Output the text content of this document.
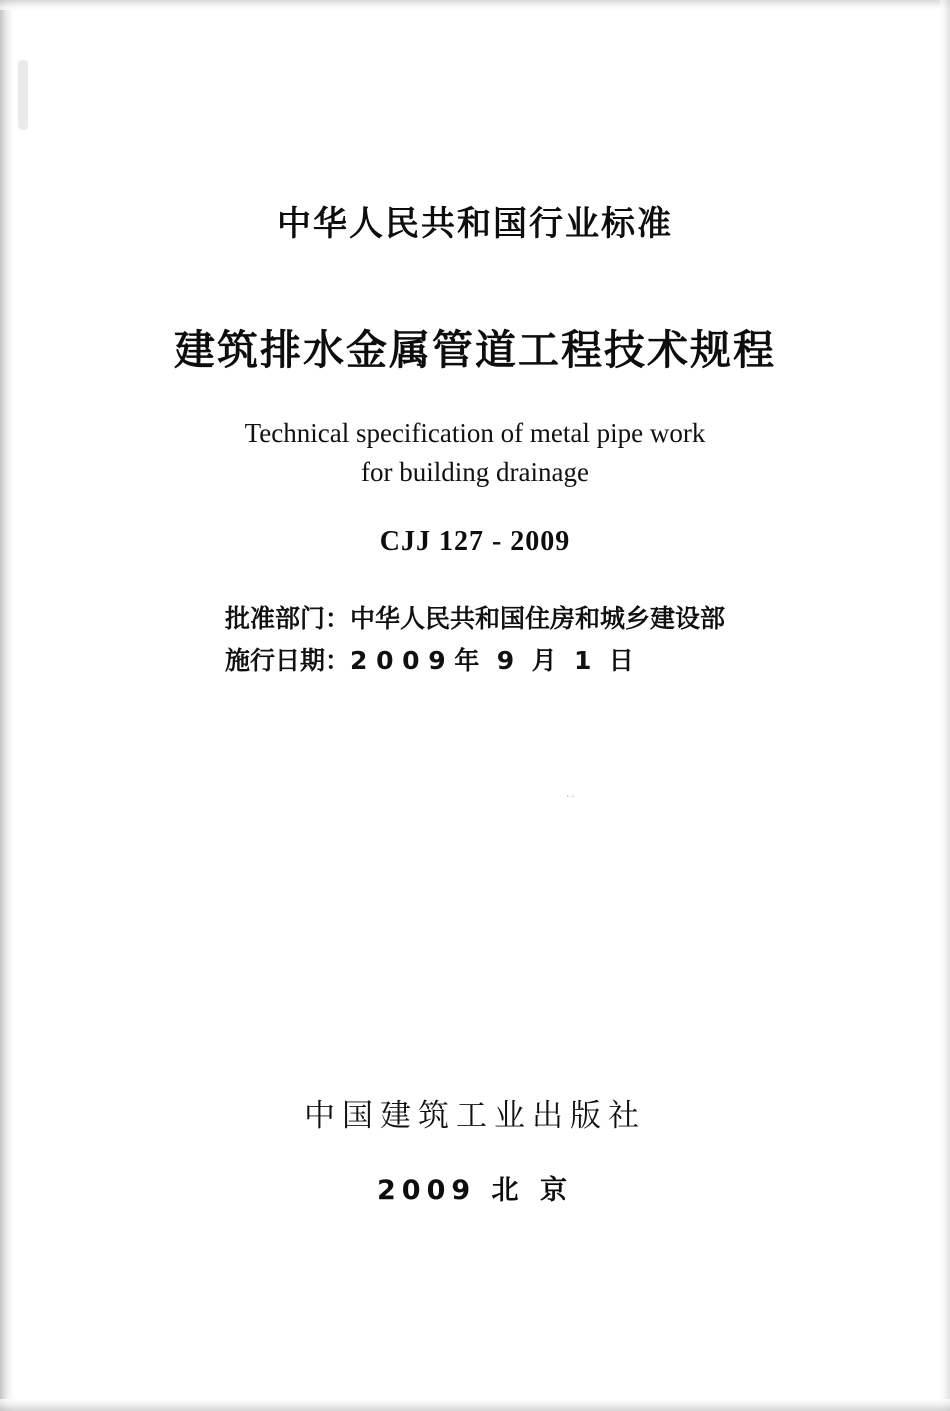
中华人民共和国行业标准
建筑排水金属管道工程技术规程
Technical specification of metal pipe work
for building drainage
CJJ 127 - 2009
批准部门：中华人民共和国住房和城乡建设部
施行日期：2 0 0 9 年  9  月  1  日
..
中国建筑工业出版社
2009 北 京
